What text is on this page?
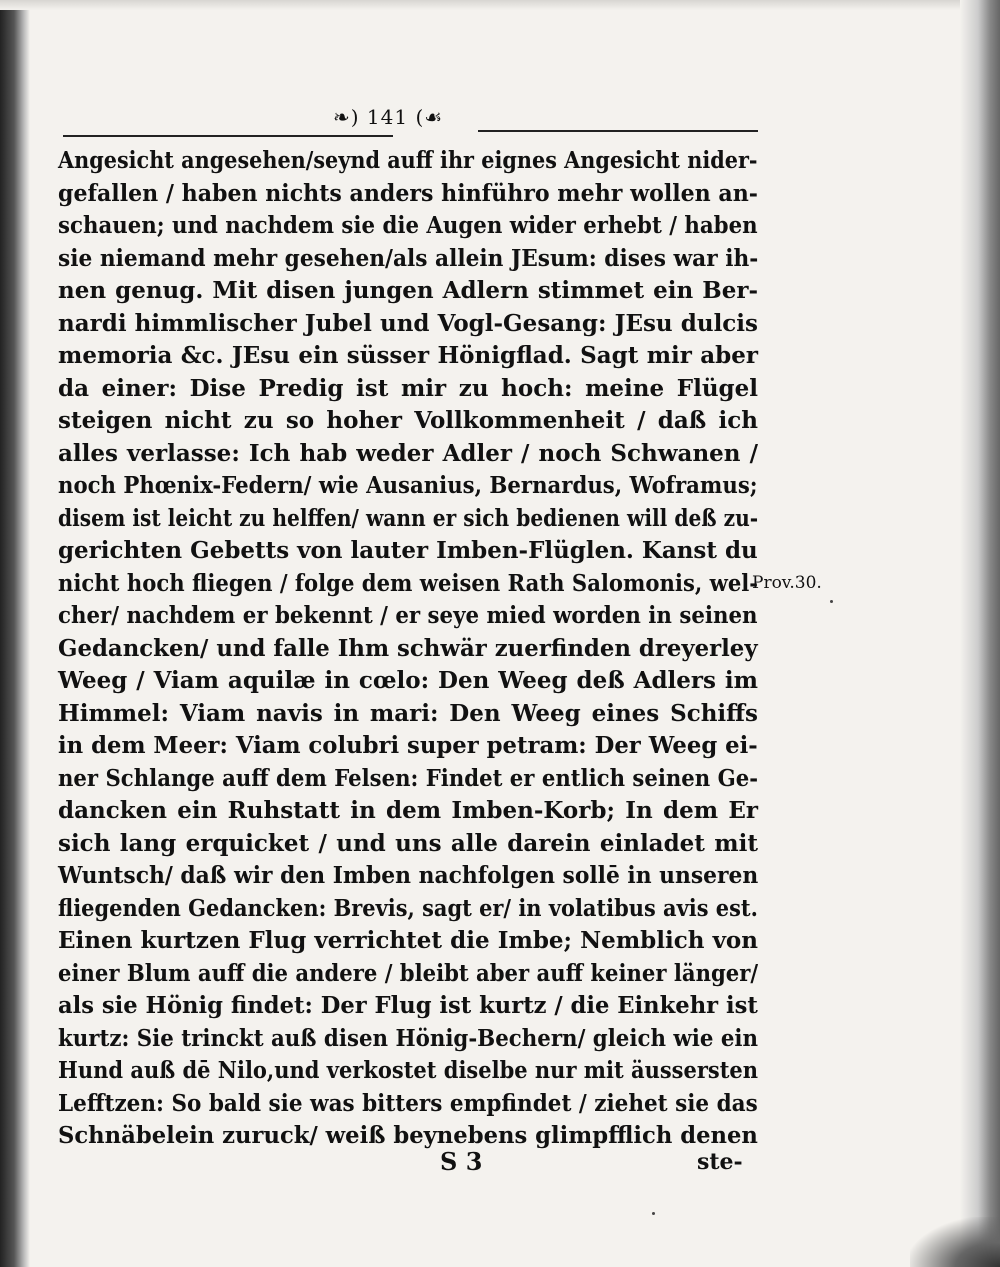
❧) 141 (☙
Angesicht angesehen/seynd auff ihr eignes Angesicht nider-
gefallen / haben nichts anders hinführo mehr wollen an-
schauen; und nachdem sie die Augen wider erhebt / haben
sie niemand mehr gesehen/als allein JEsum: dises war ih-
nen genug. Mit disen jungen Adlern stimmet ein Ber-
nardi himmlischer Jubel und Vogl-Gesang: JEsu dulcis
memoria &c. JEsu ein süsser Hönigflad. Sagt mir aber
da einer: Dise Predig ist mir zu hoch: meine Flügel
steigen nicht zu so hoher Vollkommenheit / daß ich
alles verlasse: Ich hab weder Adler / noch Schwanen /
noch Phœnix-Federn/ wie Ausanius, Bernardus, Woframus;
disem ist leicht zu helffen/ wann er sich bedienen will deß zu-
gerichten Gebetts von lauter Imben-Flüglen. Kanst du
nicht hoch fliegen / folge dem weisen Rath Salomonis, wel-
cher/ nachdem er bekennt / er seye mied worden in seinen
Gedancken/ und falle Ihm schwär zuerfinden dreyerley
Weeg / Viam aquilæ in cœlo: Den Weeg deß Adlers im
Himmel: Viam navis in mari: Den Weeg eines Schiffs
in dem Meer: Viam colubri super petram: Der Weeg ei-
ner Schlange auff dem Felsen: Findet er entlich seinen Ge-
dancken ein Ruhstatt in dem Imben-Korb; In dem Er
sich lang erquicket / und uns alle darein einladet mit
Wuntsch/ daß wir den Imben nachfolgen sollē in unseren
fliegenden Gedancken: Brevis, sagt er/ in volatibus avis est.
Einen kurtzen Flug verrichtet die Imbe; Nemblich von
einer Blum auff die andere / bleibt aber auff keiner länger/
als sie Hönig findet: Der Flug ist kurtz / die Einkehr ist
kurtz: Sie trinckt auß disen Hönig-Bechern/ gleich wie ein
Hund auß dē Nilo,und verkostet diselbe nur mit äussersten
Lefftzen: So bald sie was bitters empfindet / ziehet sie das
Schnäbelein zuruck/ weiß beynebens glimpfflich denen
Prov.30.
S 3	ste-
